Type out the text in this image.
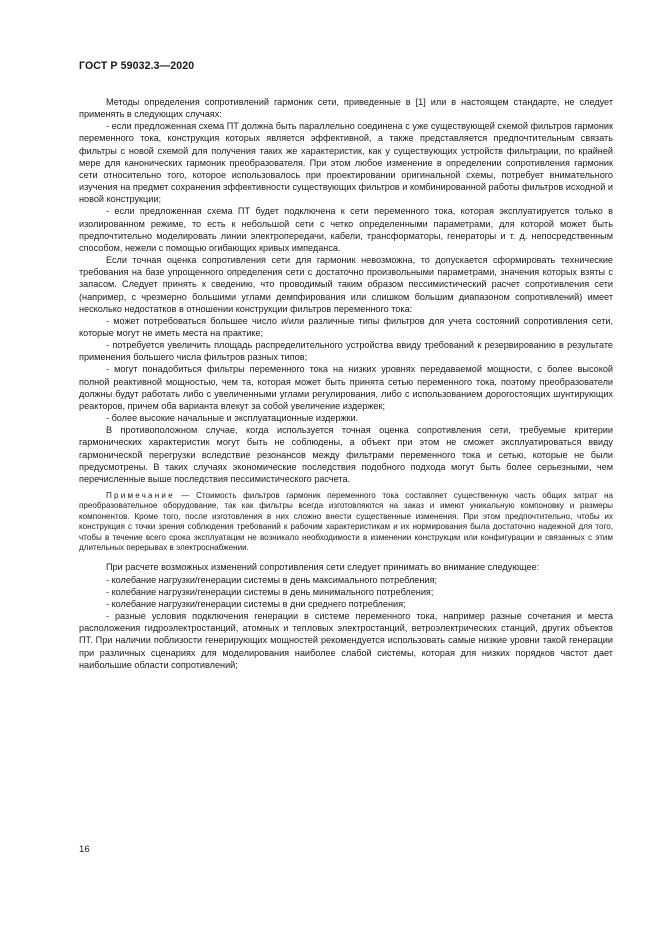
ГОСТ Р 59032.3—2020

Методы определения сопротивлений гармоник сети, приведенные в [1] или в настоящем стандарте, не следует применять в следующих случаях:

- если предложенная схема ПТ должна быть параллельно соединена с уже существующей схемой фильтров гармоник переменного тока, конструкция которых является эффективной, а также представляется предпочтительным связать фильтры с новой схемой для получения таких же характеристик, как у существующих устройств фильтрации, по крайней мере для канонических гармоник преобразователя. При этом любое изменение в определении сопротивления гармоник сети относительно того, которое использовалось при проектировании оригинальной схемы, потребует внимательного изучения на предмет сохранения эффективности существующих фильтров и комбинированной работы фильтров исходной и новой конструкции;

- если предложенная схема ПТ будет подключена к сети переменного тока, которая эксплуатируется только в изолированном режиме, то есть к небольшой сети с четко определенными параметрами, для которой может быть предпочтительно моделировать линии электропередачи, кабели, трансформаторы, генераторы и т. д. непосредственным способом, нежели с помощью огибающих кривых импеданса.

Если точная оценка сопротивления сети для гармоник невозможна, то допускается сформировать технические требования на базе упрощенного определения сети с достаточно произвольными параметрами, значения которых взяты с запасом. Следует принять к сведению, что проводимый таким образом пессимистический расчет сопротивления сети (например, с чрезмерно большими углами демпфирования или слишком большим диапазоном сопротивлений) имеет несколько недостатков в отношении конструкции фильтров переменного тока:

- может потребоваться большее число и/или различные типы фильтров для учета состояний сопротивления сети, которые могут не иметь места на практике;

- потребуется увеличить площадь распределительного устройства ввиду требований к резервированию в результате применения большего числа фильтров разных типов;

- могут понадобиться фильтры переменного тока на низких уровнях передаваемой мощности, с более высокой полной реактивной мощностью, чем та, которая может быть принята сетью переменного тока, поэтому преобразователи должны будут работать либо с увеличенными углами регулирования, либо с использованием дорогостоящих шунтирующих реакторов, причем оба варианта влекут за собой увеличение издержек;

- более высокие начальные и эксплуатационные издержки.

В противоположном случае, когда используется точная оценка сопротивления сети, требуемые критерии гармонических характеристик могут быть не соблюдены, а объект при этом не сможет эксплуатироваться ввиду гармонической перегрузки вследствие резонансов между фильтрами переменного тока и сетью, которые не были предусмотрены. В таких случаях экономические последствия подобного подхода могут быть более серьезными, чем перечисленные выше последствия пессимистического расчета.

Примечание — Стоимость фильтров гармоник переменного тока составляет существенную часть общих затрат на преобразовательное оборудование, так как фильтры всегда изготовляются на заказ и имеют уникальную компоновку и размеры компонентов. Кроме того, после изготовления в них сложно внести существенные изменения. При этом предпочтительно, чтобы их конструкция с точки зрения соблюдения требований к рабочим характеристикам и их нормирования была достаточно надежной для того, чтобы в течение всего срока эксплуатации не возникало необходимости в изменении конструкции или конфигурации и связанных с этим длительных перерывах в электроснабжении.

При расчете возможных изменений сопротивления сети следует принимать во внимание следующее:

- колебание нагрузки/генерации системы в день максимального потребления;

- колебание нагрузки/генерации системы в день минимального потребления;

- колебание нагрузки/генерации системы в дни среднего потребления;

- разные условия подключения генерации в системе переменного тока, например разные сочетания и места расположения гидроэлектростанций, атомных и тепловых электростанций, ветроэлектрических станций, других объектов ПТ. При наличии поблизости генерирующих мощностей рекомендуется использовать самые низкие уровни такой генерации при различных сценариях для моделирования наиболее слабой системы, которая для низких порядков частот дает наибольшие области сопротивлений;

16
